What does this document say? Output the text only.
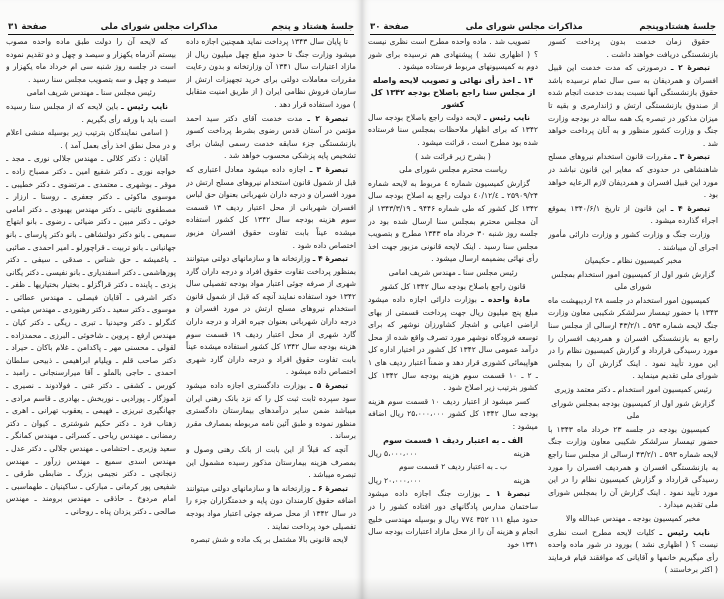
جلسهٔ هشتاد و پنجم
مذاكرات مجلس شوراى ملى
صفحة ۳۱

تا پایان سال ۱۳۴۳ پرداخت نماید همچنین اجازه داده میشود وزارت جنگ تا حدود مبلغ چهل میلیون ریال از مازاد اعتبارات سال ۱۳۴۱ آن وزارتخانه و بدون رعایت مقررات معاملات دولتی برای خرید تجهیزات ارتش از سازمان فروش نظامی ایران ( از طریق امنیت متقابل ) مورد استفاده قرار دهد .

تبصرهٔ ۲ ـ مدت خدمت آقای دکتر سید احمد مؤتمن در آستان قدس رضوی بشرط پرداخت کسور بازنشستگی جزء سابقه خدمت رسمی ایشان برای تشخیص پایه پزشکی محسوب خواهد شد .

تبصرهٔ ۳ ـ اجازه داده میشود معادل اعتباری که قبل از شمول قانون استخدام نیروهای مسلح ارتش در مورد افسران و درجه داران شهربانی بعنوان حق لباس افسران شهربانی از محل اعتبار ردیف ۱۳ قسمت سوم هزینه بودجه سال ۱۳۴۲ کل کشور استفاده میشده عیناً بابت تفاوت حقوق افسران مزبور اختصاص داده شود .

تبصرهٔ ۴ ـ وزارتخانه ها و سازمانهای دولتی میتوانند بمنظور پرداخت تفاوت حقوق افراد و درجه داران گارد شهری از صرفه جوئی اعتبار مواد بودجه تفصیلی سال ۱۳۴۲ خود استفاده نمایند آنچه که قبل از شمول قانون استخدام نیروهای مسلح ارتش در مورد افسران و درجه داران شهربانی بعنوان جیره افراد و درجه داران گارد شهری از محل اعتبار ردیف ۱۹ قسمت سوم هزینه بودجه سال ۱۳۴۲ کل کشور استفاده میشده عیناً بابت تفاوت حقوق افراد و درجه داران گارد شهری اختصاص داده میشود .

تبصرهٔ ۵ ـ بوزارت دادگستری اجازه داده میشود سود سپرده ثابت ثبت کل را که نزد بانک رهنی ایران میباشد ضمن سایر درآمدهای بیمارستان دادگستری منظور نموده و طبق آئین نامه مربوطه بمصارف مقرر برساند .

آنچه که قبلاً از این بابت از بانک رهنی وصول و بمصرف هزینه بیمارستان مذکور رسیده مشمول این تبصره میباشد .

تبصرهٔ ۶ ـ وزارتخانه ها و سازمانهای دولتی میتوانند اضافه حقوق کارمندان دون پایه و خدمتگزاران جزء را در سال ۱۳۴۲ از محل صرفه جوئی اعتبار مواد بودجه تفصیلی خود پرداخت نمایند .

لایحه قانونی بالا مشتمل بر یک ماده و شش تبصره

که لایحه آن را دولت طبق ماده واحده مصوب بیستم آذرماه یکهزار و سیصد و چهل و دو تقدیم نموده است در جلسه روز شنبه سی ام خرداد ماه یکهزار و سیصد و چهل و سه بتصویب مجلس سنا رسید .

رئیس مجلس سنا ـ مهندس شریف امامی

نایب رئیس ـ باین لایحه که از مجلس سنا رسیده است باید با ورقه رأی بگیریم .

( اسامی نمایندگان بترتیب زیر بوسیله منشی اعلام و در محل نطق اخذ رأی بعمل آمد ) .

آقایان : دکتر کلالی ـ مهندس جلالی نوری ـ مجد ـ خواجه نوری ـ دکتر شفیع امین ـ دکتر مصباح زاده ـ موقر ـ بوشهری ـ معتمدی ـ مرتضوی ـ دکتر خطیبی ـ موسوی ماکوئی ـ دکتر جعفری ـ روستا ـ ارزار ـ مصطفوی نائینی ـ دکتر مهندس بهبودی ـ دکتر امامی خوئی ـ دکتر مبین ـ دکتر ضیائی ـ رضوی ـ بانو ابتهاج سمیعی ـ بانو دکتر دولتشاهی ـ بانو دکتر پارسای ـ بانو جهانبانی ـ بانو تربیت ـ قراچورلو ـ امیر احمدی ـ صائبی ـ باغمیشه ـ حق شناس ـ صدقی ـ سیفی ـ دکتر پورهاشمی ـ دکتر اسفندیاری ـ بانو نفیسی ـ دکتر یگانی یزدی ـ پاینده ـ دکتر قراگزلو ـ بختیار بختیاریها ـ ظفر ـ دکتر اشرفی ـ آقایان فیصلی ـ مهندس عطائی ـ موسوی ـ دکتر سعید ـ دکتر رهنوردی ـ مهندس میثمی ـ کنگرلو ـ دکتر وحیدنیا ـ تبری ـ ریگی ـ دکتر کیان ـ مهندس ارفع ـ پروین ـ شاخوئی ـ البرزی ـ محمدزاده ـ لقولی ـ محسنی مهر ـ پاکدامن ـ غلام باکان ـ حیراد ـ دکتر صاحب قلم ـ ویلیام ابراهیمی ـ ذبیحی سلطان احمدی ـ حاجی بالملو ـ آقا میرارسنجانی ـ رامبد ـ کورس ـ کشفی ـ دکتر غنی ـ فولادوند ـ نصیری ـ آموزگار ـ پورادیی ـ نوربخش ـ بهادری ـ قاسم مرادی ـ جهانگیری تبریزی ـ فهیمی ـ یعقوب تهرانی ـ اهری ـ زهتاب فرد ـ دکتر حکیم شوشتری ـ کیوان ـ دکتر رمضانی ـ مهندس ریاحی ـ کسرائی ـ مهندس کمانگر ـ سعید وزیری ـ احتشامی ـ مهندس جلالی ـ دکتر عدل ـ مهندس اسدی سمیع ـ مهندس زرآور ـ مهندس زنجانچی ـ دکتر نجیمی بزرگ ـ ضابطی طرقی ـ شفیعی پور کرمانی ـ مبارکی ـ ساکینیان ـ طهماسبی ـ امام مردوخ ـ حاذقی ـ مهندس برومند ـ مهندس صالحی ـ دکتر یزدان پناه ـ روحانی ـ

جلسهٔ هشتادوپنجم
مذاكرات مجلس شوراى ملى
صفحة ۳۰

حقوق زمان خدمت بدون پرداخت کسور بازنشستگی دریافت خواهند داشت .

تبصرهٔ ۲ ـ درصورتی که مدت خدمت این قبیل افسران و همردیفان به سی سال تمام نرسیده باشد حقوق بازنشستگی آنها نسبت بمدت خدمت انجام شده از صندوق بازنشستگی ارتش و ژاندارمری و بقیه تا میزان مذکور در تبصره یک همه ساله در بودجه وزارت جنگ و وزارت کشور منظور و به آنان پرداخت خواهد شد .

تبصرهٔ ۳ ـ مقررات قانون استخدام نیروهای مسلح شاهنشاهی در حدودی که مغایر این قانون نباشد در مورد این قبیل افسران و همردیفان لازم الرعایه خواهد بود .

تبصرهٔ ۴ ـ این قانون از تاریخ ۱۳۴۰/۶/۱ بموقع اجراء گذارده میشود .

وزارت جنگ و وزارت کشور و وزارت دارائی مأمور اجرای آن میباشند .

مخبر کمیسیون نظام ـ حکیمیان

گزارش شور اول از کمیسیون امور استخدام بمجلس شورای ملی

کمیسیون امور استخدام در جلسه ۲۸ اردیبهشت ماه ۱۳۴۳ با حضور تیمسار سرلشکر شکیبی معاون وزارت جنگ لایحه شماره ۵۹۳ ـ ۴۳/۲/۱ ارسالی از مجلس سنا راجع به بازنشستگی افسران و همردیف افسران را مورد رسیدگی قرارداد و گزارش کمیسیون نظام را در این مورد تأیید نمود . اینک گزارش آن را بمجلس شورای ملی تقدیم مینماید .

رئیس کمیسیون امور استخدام ـ دکتر معتمد وزیری

گزارش شور اول از کمیسیون بودجه بمجلس شورای ملی

کمیسیون بودجه در جلسه ۲۳ خرداد ماه ۱۳۴۳ با حضور تیمسار سرلشکر شکیبی معاون وزارت جنگ لایحه شماره ۵۹۳ ـ ۴۳/۲/۱ ارسالی از مجلس سنا راجع به بازنشستگی افسران و همردیف افسران را مورد رسیدگی قرارداد و گزارش کمیسیون نظام را در این مورد تأیید نمود . اینک گزارش آن را بمجلس شورای ملی تقدیم میدارد .

مخبر کمیسیون بودجه ـ مهندس عبدالله والا

نایب رئیس ـ کلیات لایحه مطرح است نظری نیست ؟ ( اظهاری نشد ) بورود در شور ماده واحده رأی میگیریم خانمها و آقایانی که موافقند قیام فرمایند ( اکثر برخاستند )

تصویب شد . ماده واحده مطرح است نظری نیست ؟ ( اظهاری نشد ) پیشنهادی هم نرسیده برای شور دوم به کمیسیونهای مربوط فرستاده میشود .

۱۴ ـ اخذ رأی نهائی و تصویب لایحه واصله از مجلس سنا راجع باصلاح بودجه ۱۳۴۲ کل کشور

نایب رئیس ـ لایحه دولت راجع باصلاح بودجه سال ۱۳۴۲ که برای اظهار ملاحظات بمجلس سنا فرستاده شده بود مطرح است ، قرائت میشود .

( بشرح زیر قرائت شد )

ریاست محترم مجلس شورای ملی

گزارش کمیسیون شماره ٤ مربوط به لایحه شماره ۲۵۹۰۹/۲۴ ـ ٤۰/۱۲/٤ دولت راجع به اصلاح بودجه سال ۱۳۴۲ کل کشور که طی شماره ۹۴۴۶ ـ ۱۳۴۳/۳/۱۹ از آن مجلس محترم بمجلس سنا ارسال شده بود در جلسه روز شنبه ۳۰ خرداد ماه ۱۳۴۳ مطرح و بتصویب مجلس سنا رسید . اینک لایحه قانونی مزبور جهت اخذ رأی نهائی بضمیمه ارسال میشود .

رئیس مجلس سنا ـ مهندس شریف امامی

قانون راجع باصلاح بودجه سال ۱۳۴۲ کل کشور

مادهٔ واحده ـ بوزارت دارائی اجازه داده میشود مبلغ پنج میلیون ریال جهت پرداخت قسمتی از بهای اراضی اعیانی و اشجار کشاورزان نوشهر که برای توسعه فرودگاه نوشهر مورد تصرف واقع شده از محل درآمد عمومی سال ۱۳۴۲ کل کشور در اختیار اداره کل هواپیمائی کشوری قرار دهد و ضمناً اعتبار ردیف های ۱ ـ ۲ ـ ۱۰ قسمت سوم هزینه بودجه سال ۱۳۴۲ کل کشور بترتیب زیر اصلاح شود .

کسر میشود از اعتبار ردیف ۱۰ قسمت سوم هزینه بودجه سال ۱۳۴۲ کل کشور ۲۵،۰۰۰،۰۰۰ ریال اضافه میشود :

الف ـ به اعتبار ردیف ۱ قسمت سوم

هزینه
۵،۰۰۰،۰۰۰ ریال

ب ـ به اعتبار ردیف ۲ قسمت سوم

هزینه
۲۰،۰۰۰،۰۰۰ ریال

تبصرهٔ ۱ ـ بوزارت جنگ اجازه داده میشود ساختمان مدارس پادگانهای دور افتاده کشور را در حدود مبلغ ۱۱۱ ۳۵۲ ۷۷٤ ریال و بوسیله مهندسی خلیج انجام و هزینه آن را از محل مازاد اعتبارات بودجه سال ۱۳۴۱ خود
